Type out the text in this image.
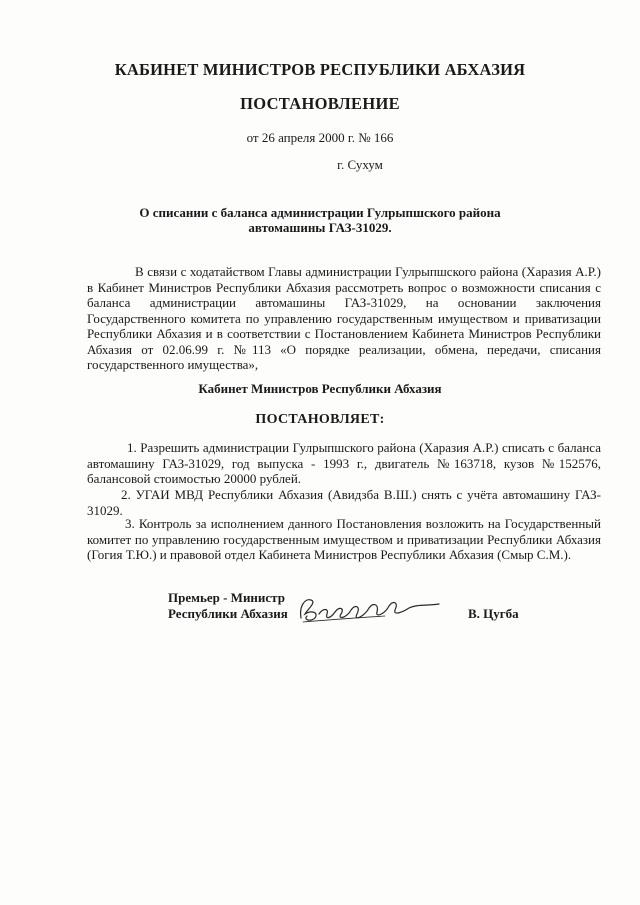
КАБИНЕТ МИНИСТРОВ РЕСПУБЛИКИ АБХАЗИЯ
ПОСТАНОВЛЕНИЕ
от 26 апреля 2000 г. № 166
г. Сухум
О списании с баланса администрации Гулрыпшского района
автомашины ГАЗ-31029.
В связи с ходатайством Главы администрации Гулрыпшского района (Харазия А.Р.)
в Кабинет Министров Республики Абхазия рассмотреть вопрос о возможности списания с
баланса администрации автомашины ГАЗ-31029, на основании заключения
Государственного комитета по управлению государственным имуществом и приватизации
Республики Абхазия и в соответствии с Постановлением Кабинета Министров Республики
Абхазия от 02.06.99 г. №113 «О порядке реализации, обмена, передачи, списания
государственного имущества»,
Кабинет Министров Республики Абхазия
ПОСТАНОВЛЯЕТ:
1. Разрешить администрации Гулрыпшского района (Харазия А.Р.) списать с баланса
автомашину ГАЗ-31029, год выпуска - 1993 г., двигатель №163718, кузов №152576,
балансовой стоимостью 20000 рублей.
2. УГАИ МВД Республики Абхазия (Авидзба В.Ш.) снять с учёта автомашину ГАЗ-
31029.
3. Контроль за исполнением данного Постановления возложить на Государственный
комитет по управлению государственным имуществом и приватизации Республики Абхазия
(Гогия Т.Ю.) и правовой отдел Кабинета Министров Республики Абхазия (Смыр С.М.).
Премьер - Министр
Республики Абхазия	В. Цугба
